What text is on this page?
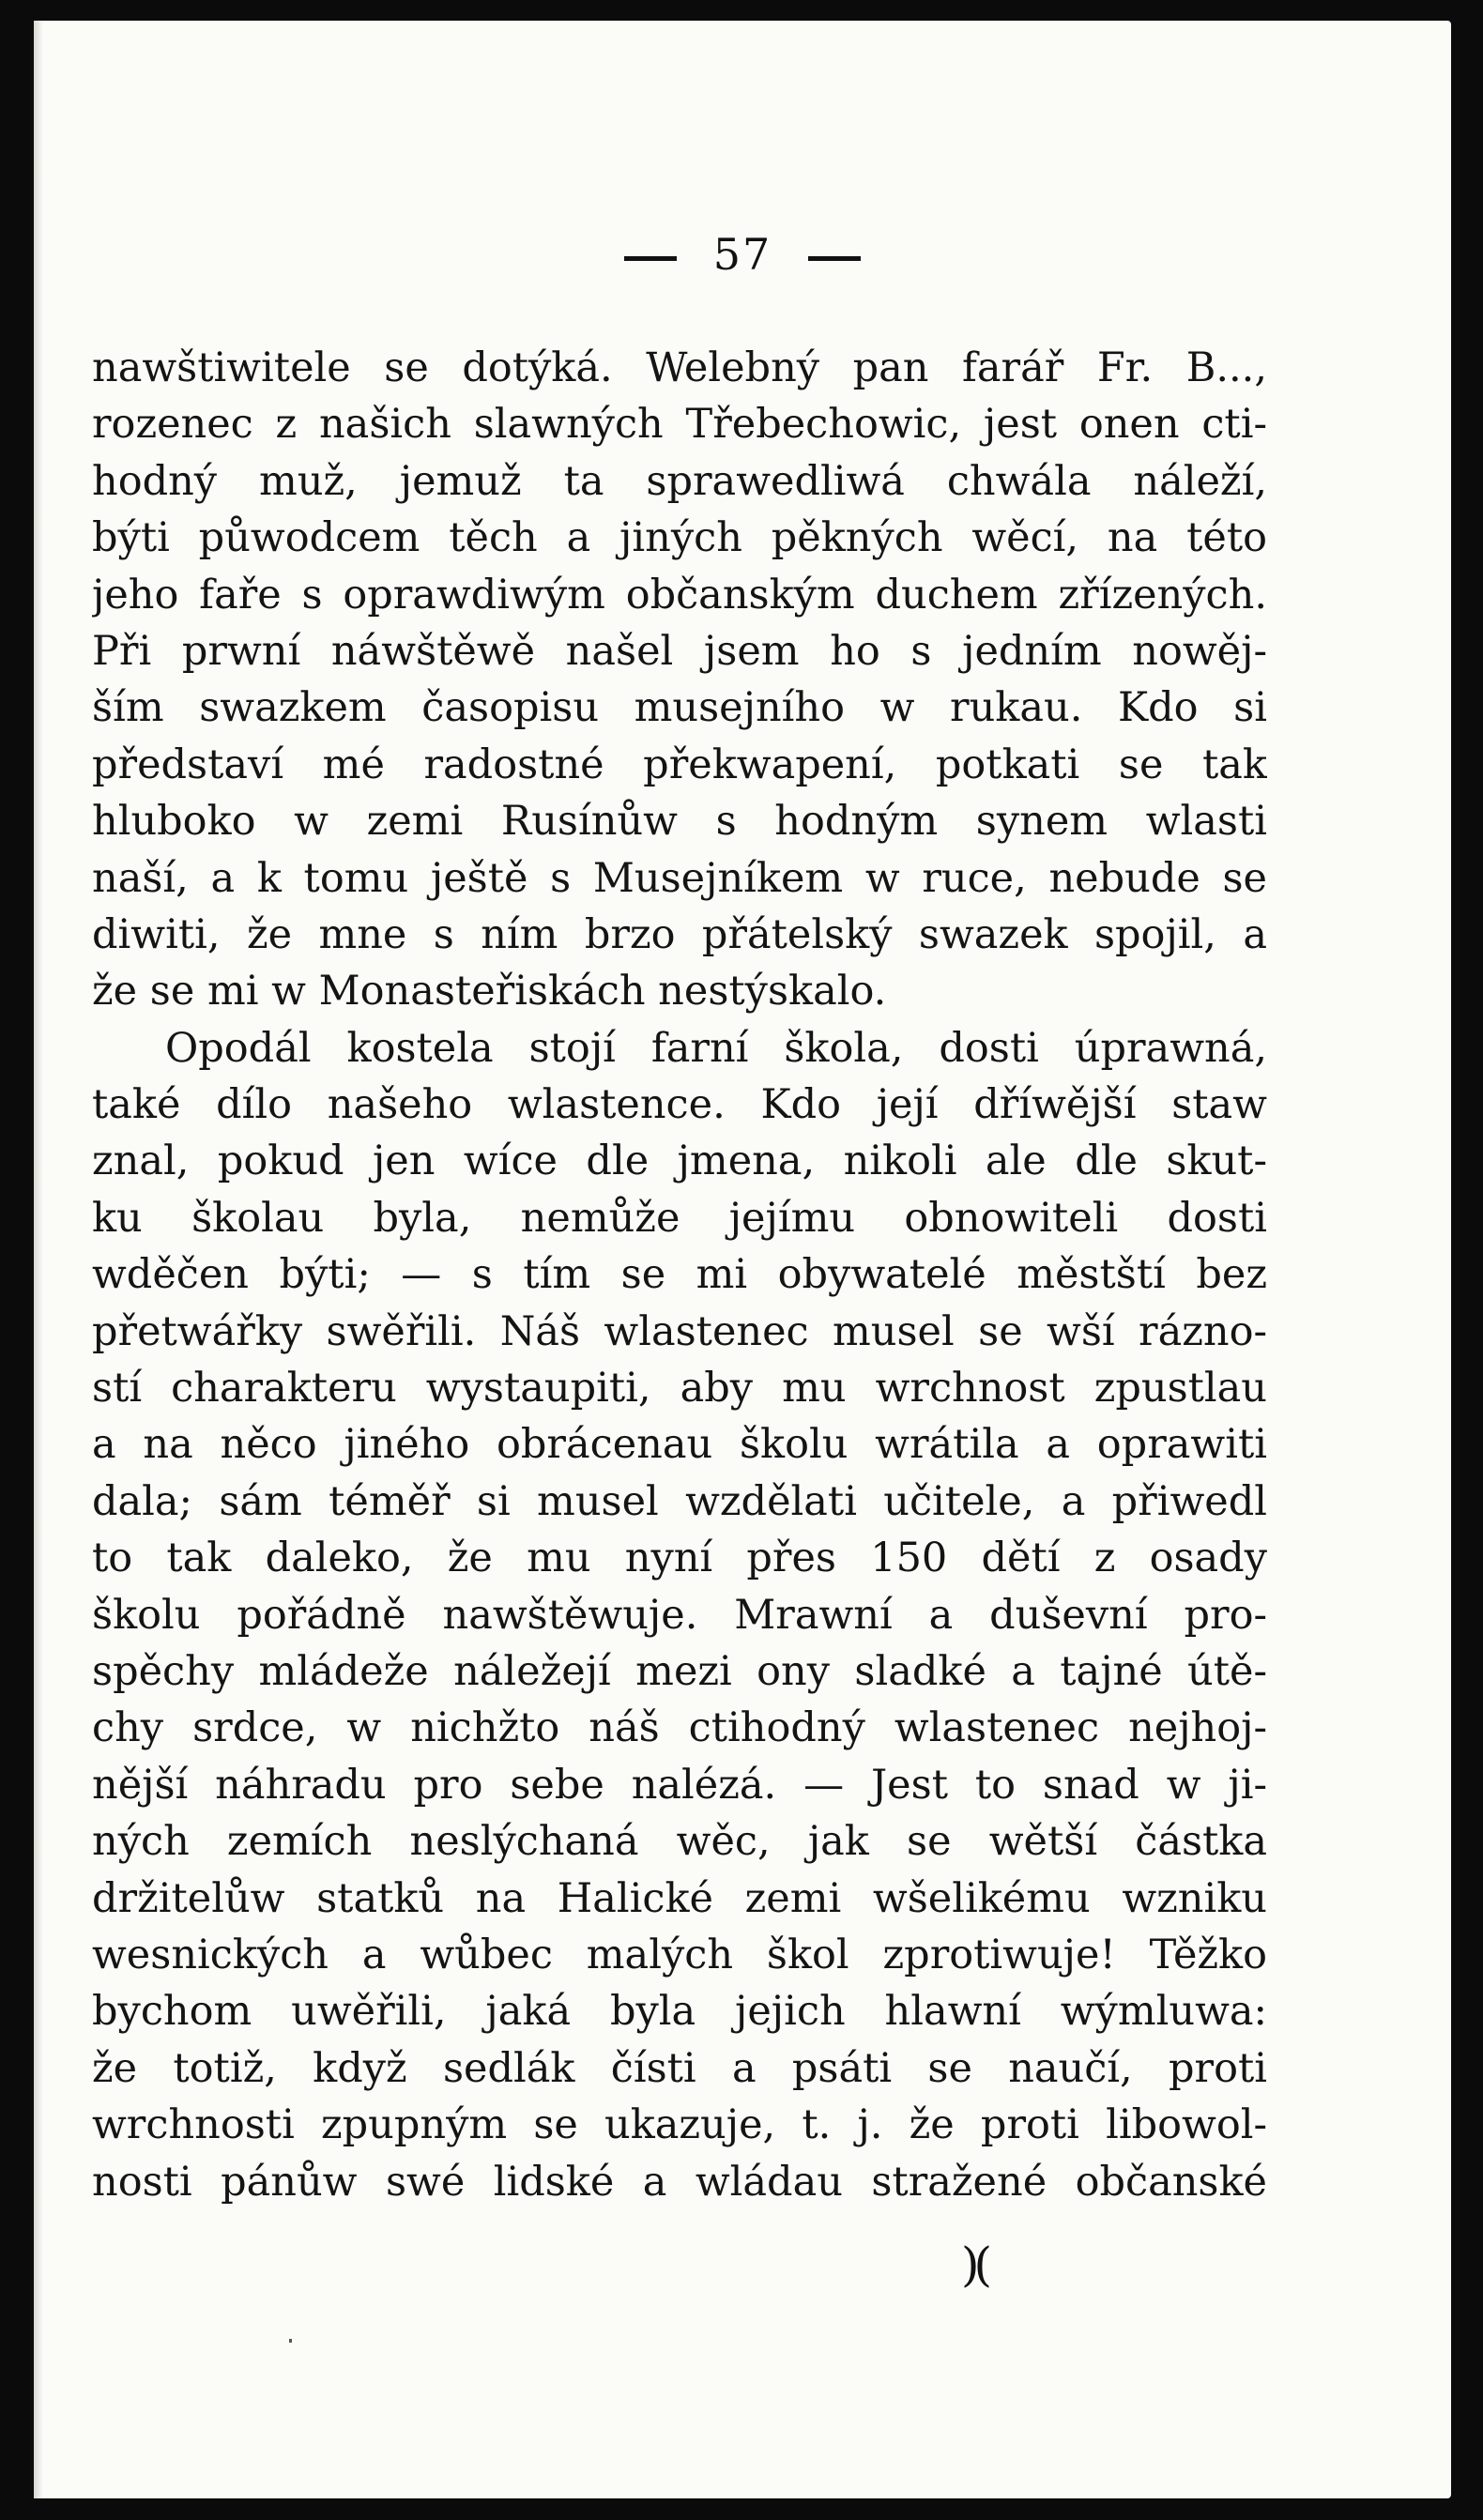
57
nawštiwitele se dotýká. Welebný pan farář Fr. B...,
rozenec z našich slawných Třebechowic, jest onen cti-
hodný muž, jemuž ta sprawedliwá chwála náleží,
býti půwodcem těch a jiných pěkných wěcí, na této
jeho faře s oprawdiwým občanským duchem zřízených.
Při prwní náwštěwě našel jsem ho s jedním nowěj-
ším swazkem časopisu musejního w rukau. Kdo si
představí mé radostné překwapení, potkati se tak
hluboko w zemi Rusínůw s hodným synem wlasti
naší, a k tomu ještě s Musejníkem w ruce, nebude se
diwiti, že mne s ním brzo přátelský swazek spojil, a
že se mi w Monasteřiskách nestýskalo.
Opodál kostela stojí farní škola, dosti úprawná,
také dílo našeho wlastence. Kdo její dříwější staw
znal, pokud jen wíce dle jmena, nikoli ale dle skut-
ku školau byla, nemůže jejímu obnowiteli dosti
wděčen býti; — s tím se mi obywatelé městští bez
přetwářky swěřili. Náš wlastenec musel se wší rázno-
stí charakteru wystaupiti, aby mu wrchnost zpustlau
a na něco jiného obrácenau školu wrátila a oprawiti
dala; sám téměř si musel wzdělati učitele, a přiwedl
to tak daleko, že mu nyní přes 150 dětí z osady
školu pořádně nawštěwuje. Mrawní a duševní pro-
spěchy mládeže náležejí mezi ony sladké a tajné útě-
chy srdce, w nichžto náš ctihodný wlastenec nejhoj-
nější náhradu pro sebe nalézá. — Jest to snad w ji-
ných zemích neslýchaná wěc, jak se wětší částka
držitelůw statků na Halické zemi wšelikému wzniku
wesnických a wůbec malých škol zprotiwuje! Těžko
bychom uwěřili, jaká byla jejich hlawní wýmluwa:
že totiž, když sedlák čísti a psáti se naučí, proti
wrchnosti zpupným se ukazuje, t. j. že proti libowol-
nosti pánůw swé lidské a wládau stražené občanské
)(
